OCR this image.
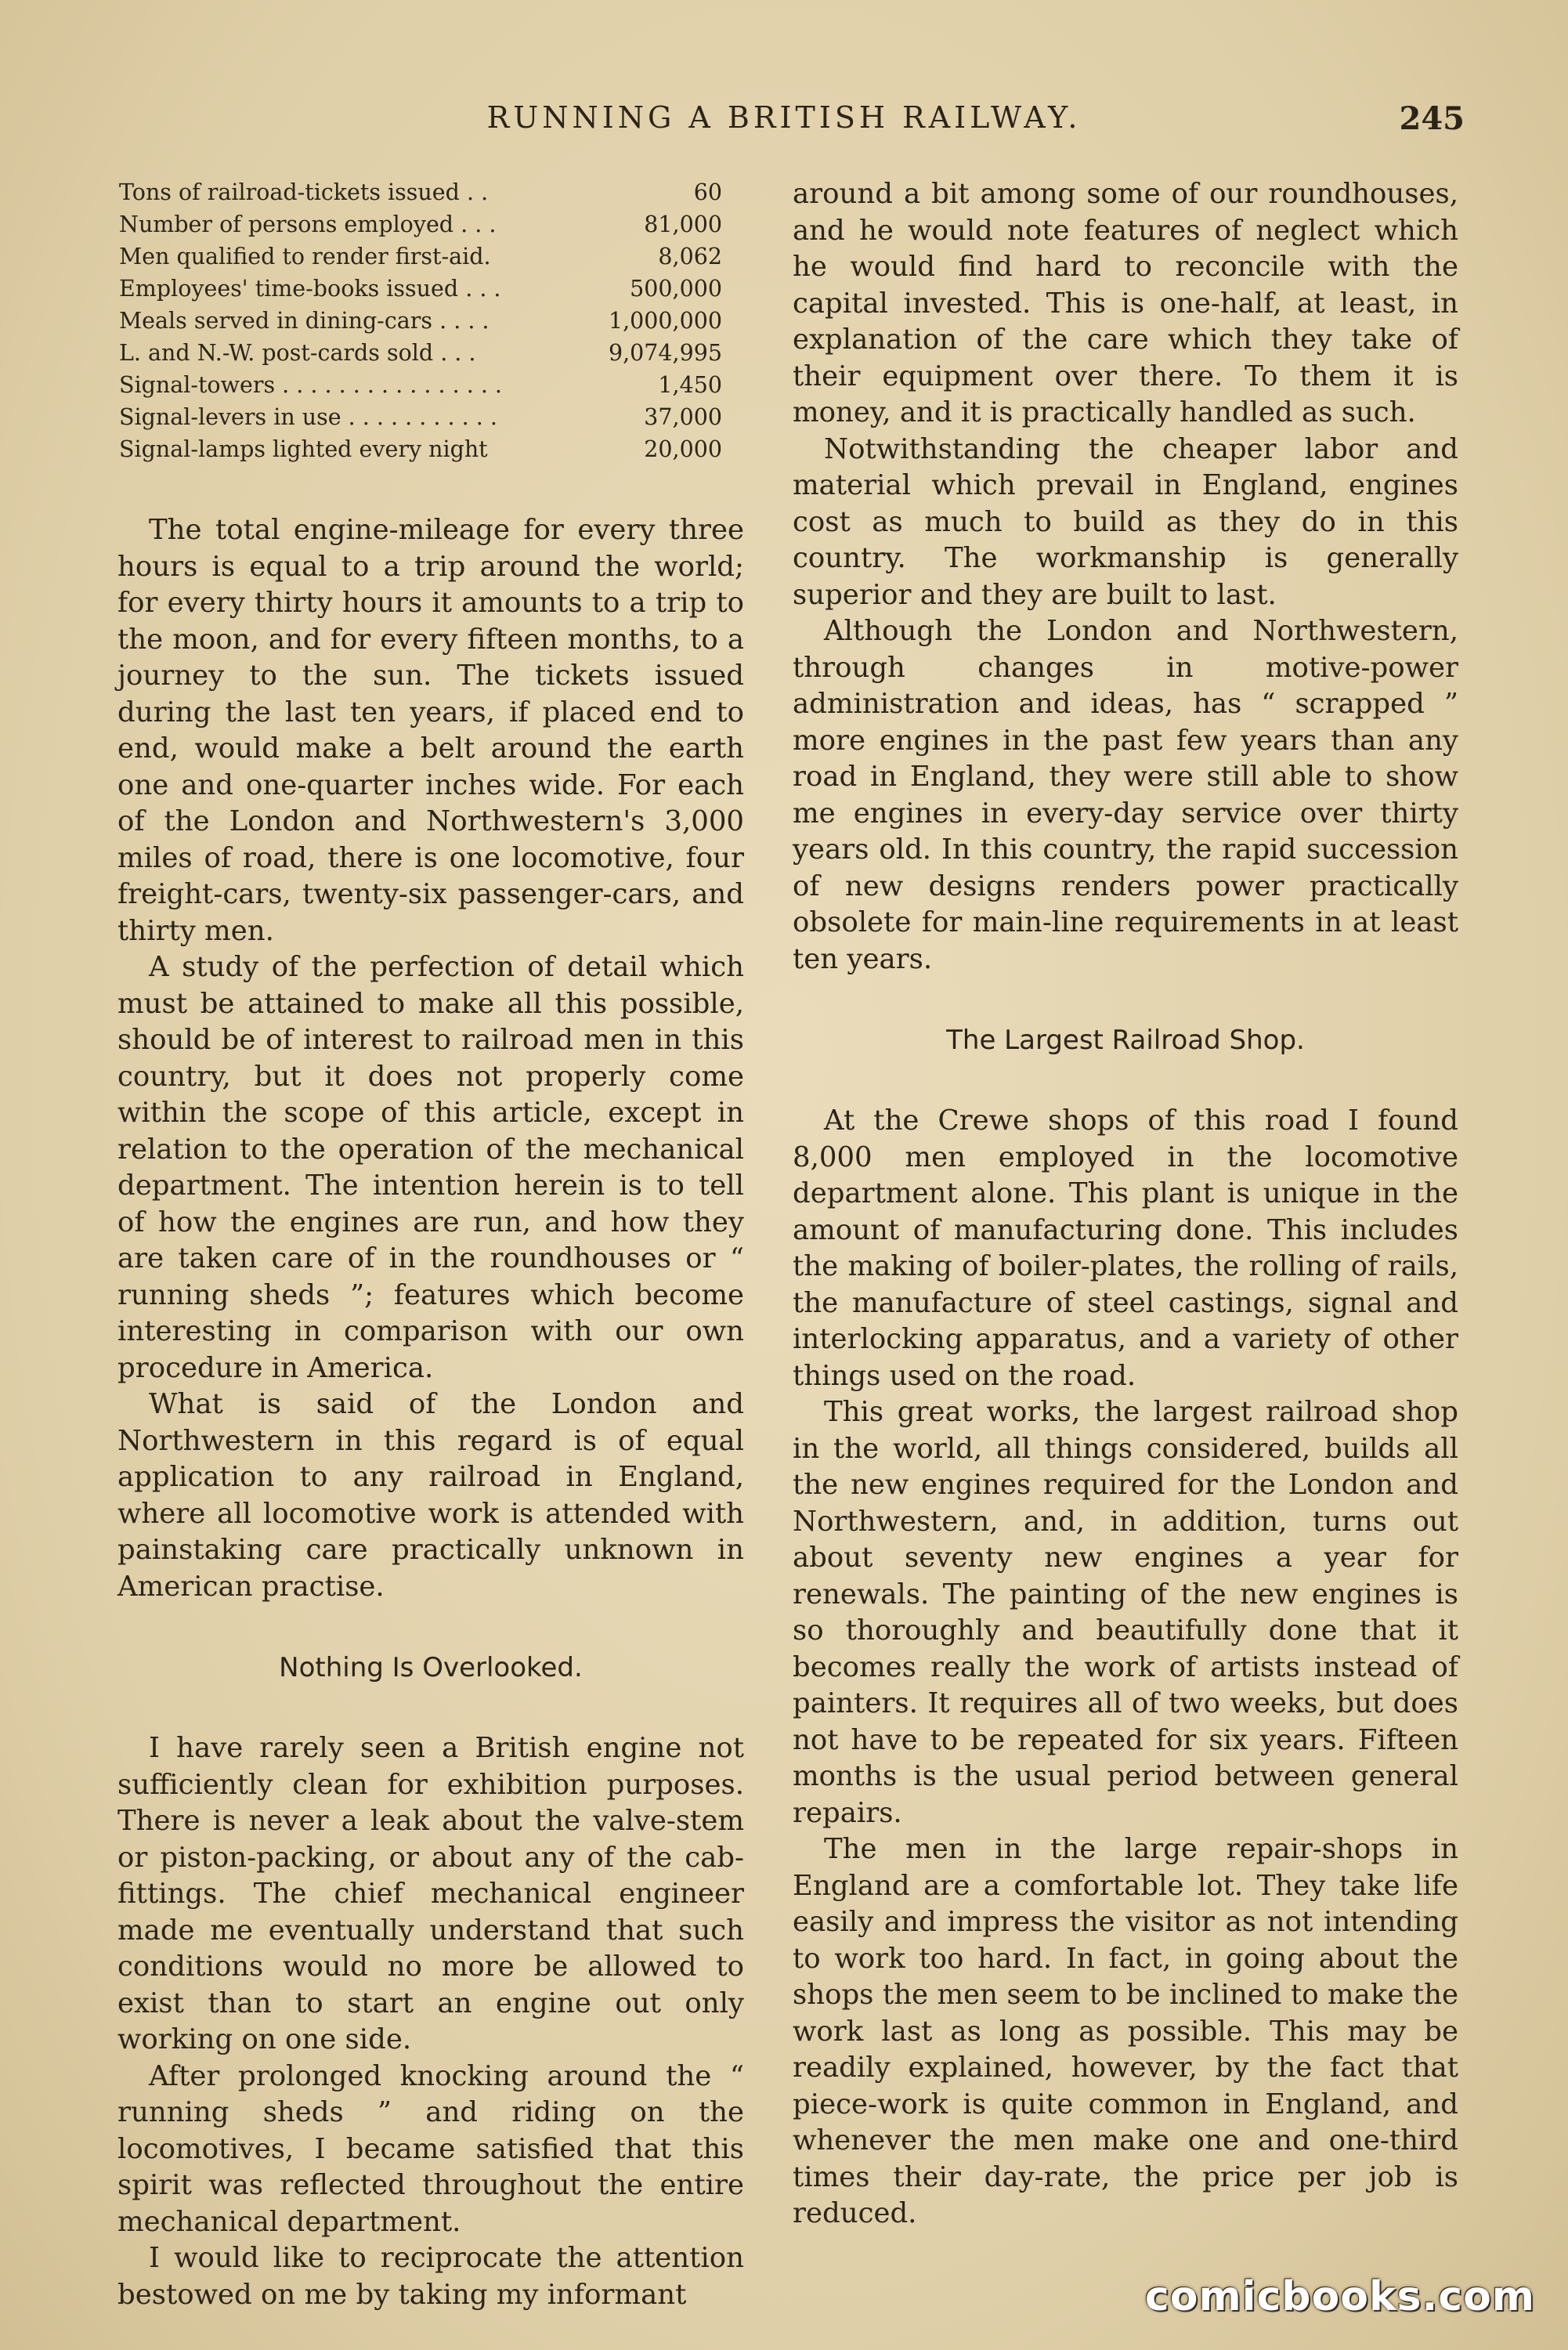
RUNNING A BRITISH RAILWAY.	245
Tons of railroad-tickets issued . .	60
Number of persons employed . . .	81,000
Men qualified to render first-aid.	8,062
Employees' time-books issued . . .	500,000
Meals served in dining-cars . . . .	1,000,000
L. and N.-W. post-cards sold . . .	9,074,995
Signal-towers . . . . . . . . . . . . . . . .	1,450
Signal-levers in use . . . . . . . . . . .	37,000
Signal-lamps lighted every night	20,000

The total engine-mileage for every three hours is equal to a trip around the world; for every thirty hours it amounts to a trip to the moon, and for every fifteen months, to a journey to the sun. The tickets issued during the last ten years, if placed end to end, would make a belt around the earth one and one-quarter inches wide. For each of the London and Northwestern's 3,000 miles of road, there is one locomotive, four freight-cars, twenty-six passenger-cars, and thirty men.

A study of the perfection of detail which must be attained to make all this possible, should be of interest to railroad men in this country, but it does not properly come within the scope of this article, except in relation to the operation of the mechanical department. The intention herein is to tell of how the engines are run, and how they are taken care of in the roundhouses or “ running sheds ”; features which become interesting in comparison with our own procedure in America.

What is said of the London and Northwestern in this regard is of equal application to any railroad in England, where all locomotive work is attended with painstaking care practically unknown in American practise.

Nothing Is Overlooked.

I have rarely seen a British engine not sufficiently clean for exhibition purposes. There is never a leak about the valve-stem or piston-packing, or about any of the cab-fittings. The chief mechanical engineer made me eventually understand that such conditions would no more be allowed to exist than to start an engine out only working on one side.

After prolonged knocking around the “ running sheds ” and riding on the locomotives, I became satisfied that this spirit was reflected throughout the entire mechanical department.

I would like to reciprocate the attention bestowed on me by taking my informant

around a bit among some of our roundhouses, and he would note features of neglect which he would find hard to reconcile with the capital invested. This is one-half, at least, in explanation of the care which they take of their equipment over there. To them it is money, and it is practically handled as such.

Notwithstanding the cheaper labor and material which prevail in England, engines cost as much to build as they do in this country. The workmanship is generally superior and they are built to last.

Although the London and Northwestern, through changes in motive-power administration and ideas, has “ scrapped ” more engines in the past few years than any road in England, they were still able to show me engines in every-day service over thirty years old. In this country, the rapid succession of new designs renders power practically obsolete for main-line requirements in at least ten years.

The Largest Railroad Shop.

At the Crewe shops of this road I found 8,000 men employed in the locomotive department alone. This plant is unique in the amount of manufacturing done. This includes the making of boiler-plates, the rolling of rails, the manufacture of steel castings, signal and interlocking apparatus, and a variety of other things used on the road.

This great works, the largest railroad shop in the world, all things considered, builds all the new engines required for the London and Northwestern, and, in addition, turns out about seventy new engines a year for renewals. The painting of the new engines is so thoroughly and beautifully done that it becomes really the work of artists instead of painters. It requires all of two weeks, but does not have to be repeated for six years. Fifteen months is the usual period between general repairs.

The men in the large repair-shops in England are a comfortable lot. They take life easily and impress the visitor as not intending to work too hard. In fact, in going about the shops the men seem to be inclined to make the work last as long as possible. This may be readily explained, however, by the fact that piece-work is quite common in England, and whenever the men make one and one-third times their day-rate, the price per job is reduced.

comicbooks.com
